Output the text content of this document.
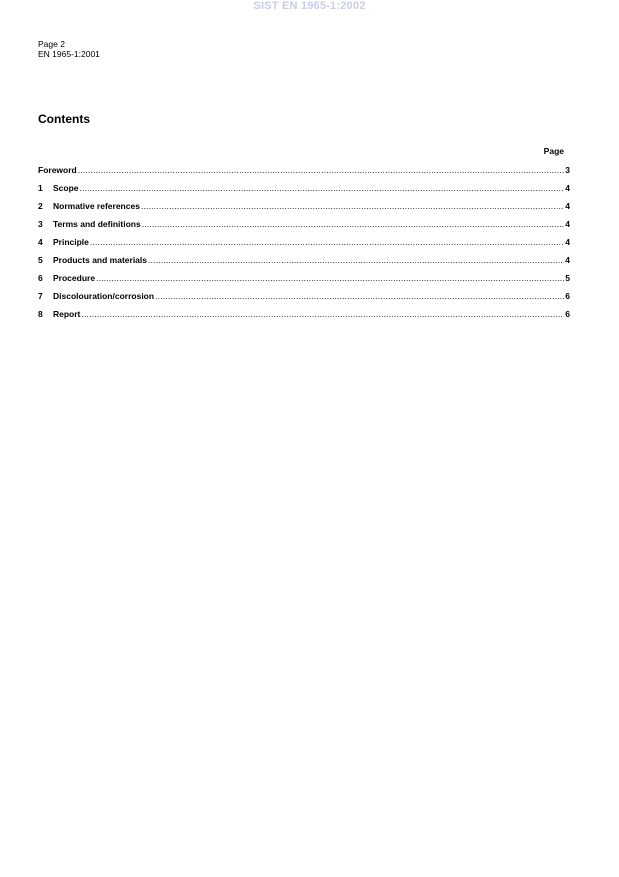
SIST EN 1965-1:2002
Page 2
EN 1965-1:2001
Contents
Page
Foreword .....	3
1	Scope .....	4
2	Normative references .....	4
3	Terms and definitions .....	4
4	Principle .....	4
5	Products and materials .....	4
6	Procedure .....	5
7	Discolouration/corrosion .....	6
8	Report .....	6
